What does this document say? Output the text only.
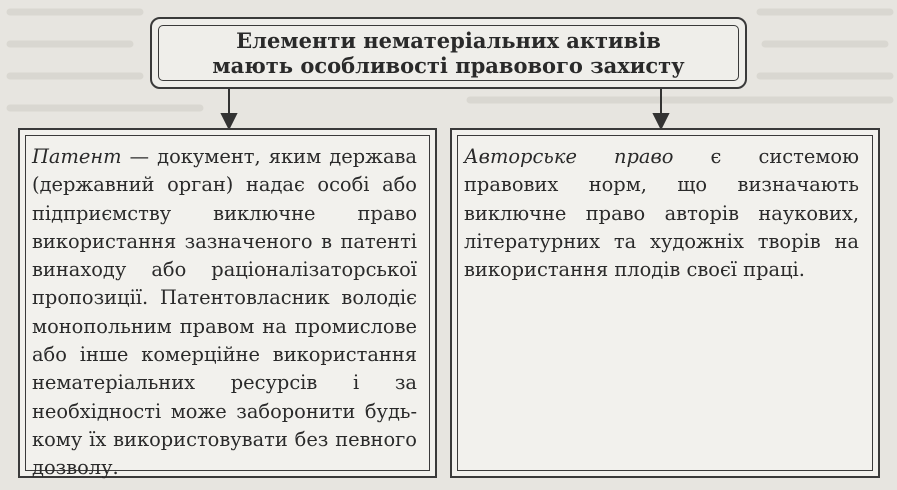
Елементи нематеріальних активів
мають особливості правового захисту
Патент — документ, яким держава (державний орган) надає особі або підприємству виключне право використання зазначеного в патенті винаходу або раціоналізаторської пропозиції. Патентовласник володіє монопольним правом на промислове або інше комерційне використання нематеріальних ресурсів і за необхідності може заборонити будь-кому їх використовувати без певного дозволу.
Авторське право є системою правових норм, що визначають виключне право авторів наукових, літературних та художніх творів на використання плодів своєї праці.
